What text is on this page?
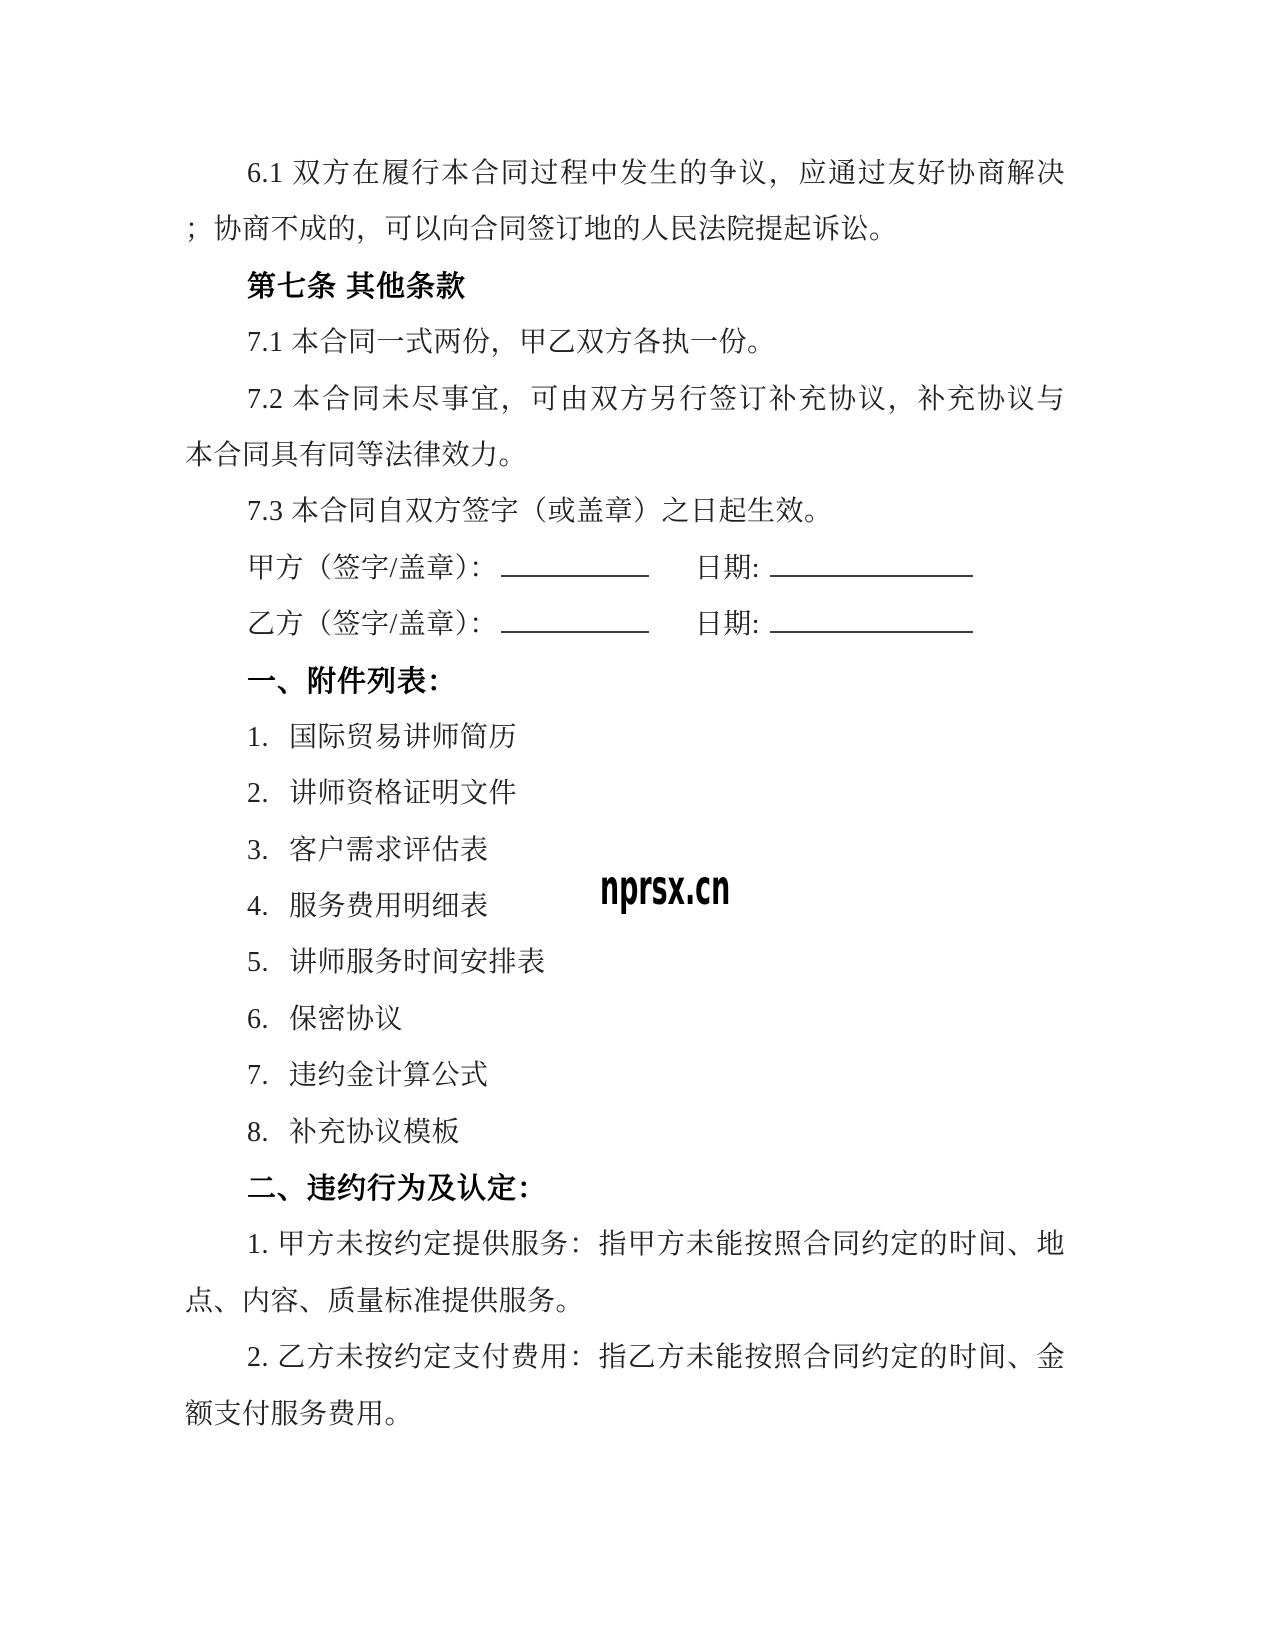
nprsx.cn
6.1 双方在履行本合同过程中发生的争议，应通过友好协商解决
；协商不成的，可以向合同签订地的人民法院提起诉讼。
第七条 其他条款
7.1 本合同一式两份，甲乙双方各执一份。
7.2 本合同未尽事宜，可由双方另行签订补充协议，补充协议与
本合同具有同等法律效力。
7.3 本合同自双方签字（或盖章）之日起生效。
甲方（签字/盖章）：	日期:
乙方（签字/盖章）：	日期:
一、附件列表：
1. 国际贸易讲师简历
2. 讲师资格证明文件
3. 客户需求评估表
4. 服务费用明细表
5. 讲师服务时间安排表
6. 保密协议
7. 违约金计算公式
8. 补充协议模板
二、违约行为及认定：
1. 甲方未按约定提供服务：指甲方未能按照合同约定的时间、地
点、内容、质量标准提供服务。
2. 乙方未按约定支付费用：指乙方未能按照合同约定的时间、金
额支付服务费用。
